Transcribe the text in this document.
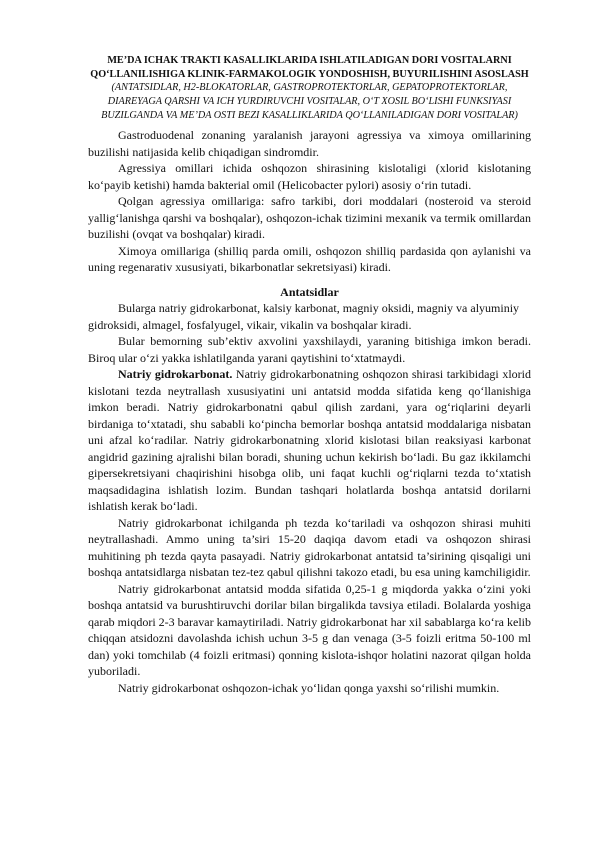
ME’DA ICHAK TRAKTI KASALLIKLARIDA ISHLATILADIGAN DORI VOSITALARNI QO‘LLANILISHIGA KLINIK-FARMAKOLOGIK YONDOSHISH, BUYURILISHINI ASOSLASH

(ANTATSIDLAR, H2-BLOKATORLAR, GASTROPROTEKTORLAR, GEPATOPROTEKTORLAR, DIAREYAGA QARSHI VA ICH YURDIRUVCHI VOSITALAR, O‘T XOSIL BO‘LISHI FUNKSIYASI BUZILGANDA VA ME’DA OSTI BEZI KASALLIKLARIDA QO‘LLANILADIGAN DORI VOSITALAR)

Gastroduodenal zonaning yaralanish jarayoni agressiya va ximoya omillarining buzilishi natijasida kelib chiqadigan sindromdir.

Agressiya omillari ichida oshqozon shirasining kislotaligi (xlorid kislotaning ko‘payib ketishi) hamda bakterial omil (Helicobacter pylori) asosiy o‘rin tutadi.

Qolgan agressiya omillariga: safro tarkibi, dori moddalari (nosteroid va steroid yallig‘lanishga qarshi va boshqalar), oshqozon-ichak tizimini mexanik va termik omillardan buzilishi (ovqat va boshqalar) kiradi.

Ximoya omillariga (shilliq parda omili, oshqozon shilliq pardasida qon aylanishi va uning regenarativ xususiyati, bikarbonatlar sekretsiyasi) kiradi.

Antatsidlar

Bularga natriy gidrokarbonat, kalsiy karbonat, magniy oksidi, magniy va alyuminiy gidroksidi, almagel, fosfalyugel, vikair, vikalin va boshqalar kiradi.

Bular bemorning sub’ektiv axvolini yaxshilaydi, yaraning bitishiga imkon beradi. Biroq ular o‘zi yakka ishlatilganda yarani qaytishini to‘xtatmaydi.

Natriy gidrokarbonat. Natriy gidrokarbonatning oshqozon shirasi tarkibidagi xlorid kislotani tezda neytrallash xususiyatini uni antatsid modda sifatida keng qo‘llanishiga imkon beradi. Natriy gidrokarbonatni qabul qilish zardani, yara og‘riqlarini deyarli birdaniga to‘xtatadi, shu sababli ko‘pincha bemorlar boshqa antatsid moddalariga nisbatan uni afzal ko‘radilar. Natriy gidrokarbonatning xlorid kislotasi bilan reaksiyasi karbonat angidrid gazining ajralishi bilan boradi, shuning uchun kekirish bo‘ladi. Bu gaz ikkilamchi gipersekretsiyani chaqirishini hisobga olib, uni faqat kuchli og‘riqlarni tezda to‘xtatish maqsadidagina ishlatish lozim. Bundan tashqari holatlarda boshqa antatsid dorilarni ishlatish kerak bo‘ladi.

Natriy gidrokarbonat ichilganda ph tezda ko‘tariladi va oshqozon shirasi muhiti neytrallashadi. Ammo uning ta’siri 15-20 daqiqa davom etadi va oshqozon shirasi muhitining ph tezda qayta pasayadi. Natriy gidrokarbonat antatsid ta’sirining qisqaligi uni boshqa antatsidlarga nisbatan tez-tez qabul qilishni takozo etadi, bu esa uning kamchiligidir.

Natriy gidrokarbonat antatsid modda sifatida 0,25-1 g miqdorda yakka o‘zini yoki boshqa antatsid va burushtiruvchi dorilar bilan birgalikda tavsiya etiladi. Bolalarda yoshiga qarab miqdori 2-3 baravar kamaytiriladi. Natriy gidrokarbonat har xil sabablarga ko‘ra kelib chiqqan atsidozni davolashda ichish uchun 3-5 g dan venaga (3-5 foizli eritma 50-100 ml dan) yoki tomchilab (4 foizli eritmasi) qonning kislota-ishqor holatini nazorat qilgan holda yuboriladi.

Natriy gidrokarbonat oshqozon-ichak yo‘lidan qonga yaxshi so‘rilishi mumkin.
